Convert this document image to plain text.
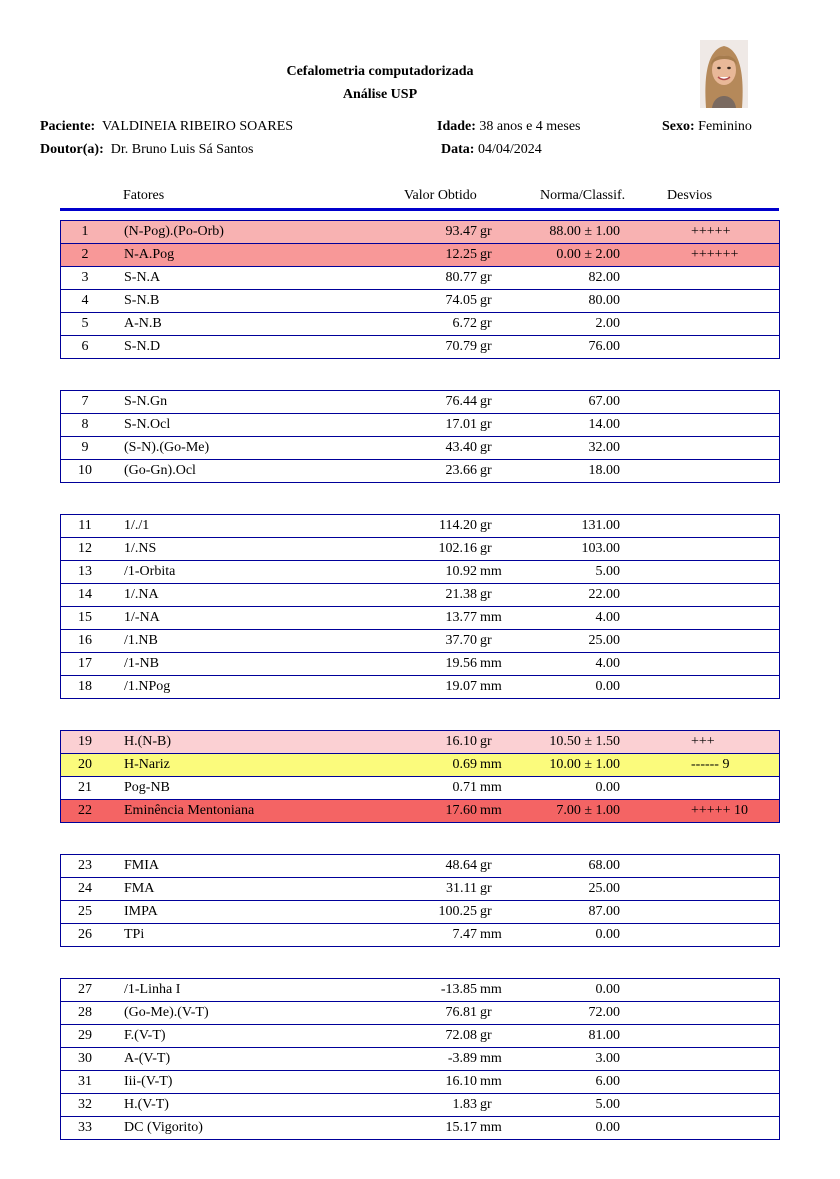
Cefalometria computadorizada
Análise USP
Paciente: VALDINEIA RIBEIRO SOARES	Idade: 38 anos e 4 meses	Sexo: Feminino
Doutor(a): Dr. Bruno Luis Sá Santos	Data: 04/04/2024
Fatores	Valor Obtido	Norma/Classif.	Desvios
1	(N-Pog).(Po-Orb)	93.47 gr	88.00 ± 1.00	+++++
2	N-A.Pog	12.25 gr	0.00 ± 2.00	++++++
3	S-N.A	80.77 gr	82.00
4	S-N.B	74.05 gr	80.00
5	A-N.B	6.72 gr	2.00
6	S-N.D	70.79 gr	76.00
7	S-N.Gn	76.44 gr	67.00
8	S-N.Ocl	17.01 gr	14.00
9	(S-N).(Go-Me)	43.40 gr	32.00
10	(Go-Gn).Ocl	23.66 gr	18.00
11	1/./1	114.20 gr	131.00
12	1/.NS	102.16 gr	103.00
13	/1-Orbita	10.92 mm	5.00
14	1/.NA	21.38 gr	22.00
15	1/-NA	13.77 mm	4.00
16	/1.NB	37.70 gr	25.00
17	/1-NB	19.56 mm	4.00
18	/1.NPog	19.07 mm	0.00
19	H.(N-B)	16.10 gr	10.50 ± 1.50	+++
20	H-Nariz	0.69 mm	10.00 ± 1.00	------ 9
21	Pog-NB	0.71 mm	0.00
22	Eminência Mentoniana	17.60 mm	7.00 ± 1.00	+++++ 10
23	FMIA	48.64 gr	68.00
24	FMA	31.11 gr	25.00
25	IMPA	100.25 gr	87.00
26	TPi	7.47 mm	0.00
27	/1-Linha I	-13.85 mm	0.00
28	(Go-Me).(V-T)	76.81 gr	72.00
29	F.(V-T)	72.08 gr	81.00
30	A-(V-T)	-3.89 mm	3.00
31	Iii-(V-T)	16.10 mm	6.00
32	H.(V-T)	1.83 gr	5.00
33	DC (Vigorito)	15.17 mm	0.00
